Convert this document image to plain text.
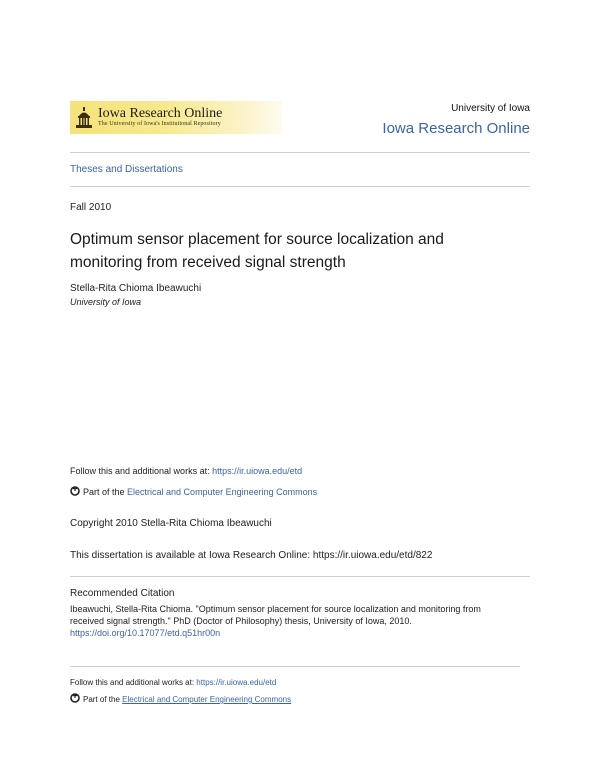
Iowa Research Online
The University of Iowa's Institutional Repository
University of Iowa
Iowa Research Online
Theses and Dissertations
Fall 2010
Optimum sensor placement for source localization and
monitoring from received signal strength
Stella-Rita Chioma Ibeawuchi
University of Iowa
Follow this and additional works at: https://ir.uiowa.edu/etd
Part of the Electrical and Computer Engineering Commons
Copyright 2010 Stella-Rita Chioma Ibeawuchi
This dissertation is available at Iowa Research Online: https://ir.uiowa.edu/etd/822
Recommended Citation
Ibeawuchi, Stella-Rita Chioma. "Optimum sensor placement for source localization and monitoring from
received signal strength." PhD (Doctor of Philosophy) thesis, University of Iowa, 2010.
https://doi.org/10.17077/etd.q51hr00n
Follow this and additional works at: https://ir.uiowa.edu/etd
Part of the Electrical and Computer Engineering Commons
